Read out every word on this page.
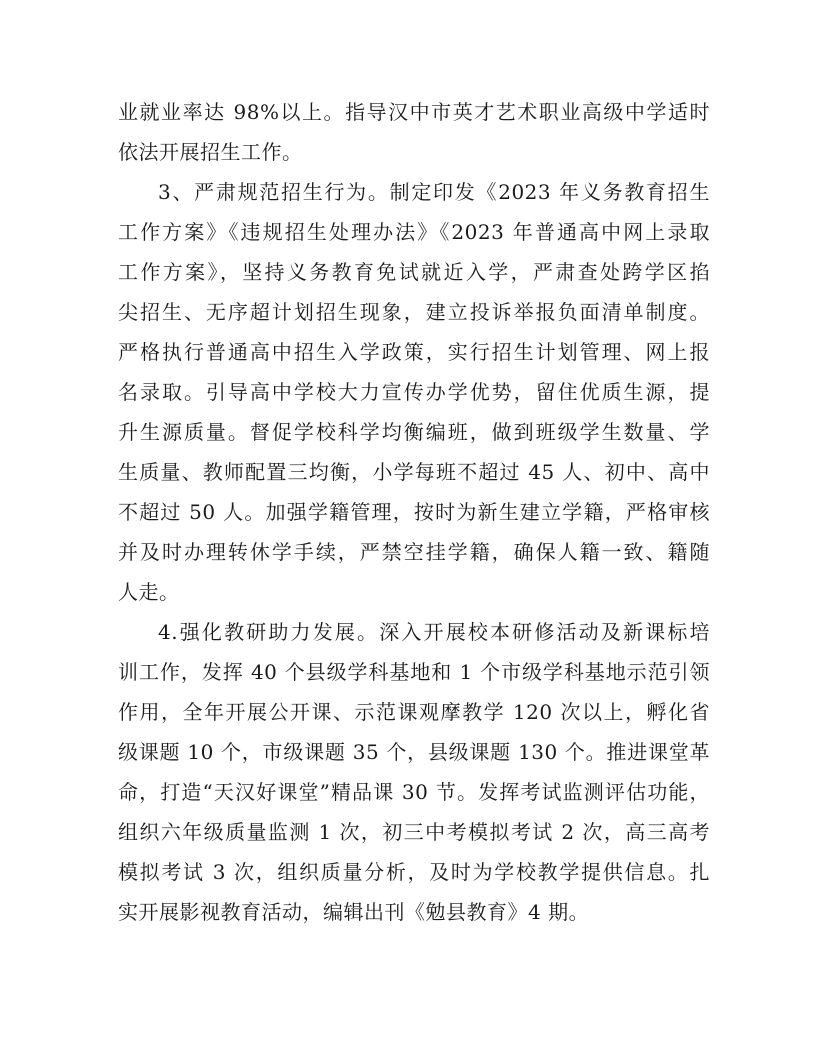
业就业率达 98%以上。指导汉中市英才艺术职业高级中学适时
依法开展招生工作。
3、严肃规范招生行为。制定印发《2023 年义务教育招生
工作方案》《违规招生处理办法》《2023 年普通高中网上录取
工作方案》，坚持义务教育免试就近入学，严肃查处跨学区掐
尖招生、无序超计划招生现象，建立投诉举报负面清单制度。
严格执行普通高中招生入学政策，实行招生计划管理、网上报
名录取。引导高中学校大力宣传办学优势，留住优质生源，提
升生源质量。督促学校科学均衡编班，做到班级学生数量、学
生质量、教师配置三均衡，小学每班不超过 45 人、初中、高中
不超过 50 人。加强学籍管理，按时为新生建立学籍，严格审核
并及时办理转休学手续，严禁空挂学籍，确保人籍一致、籍随
人走。
4.强化教研助力发展。深入开展校本研修活动及新课标培
训工作，发挥 40 个县级学科基地和 1 个市级学科基地示范引领
作用，全年开展公开课、示范课观摩教学 120 次以上，孵化省
级课题 10 个，市级课题 35 个，县级课题 130 个。推进课堂革
命，打造“天汉好课堂”精品课 30 节。发挥考试监测评估功能，
组织六年级质量监测 1 次，初三中考模拟考试 2 次，高三高考
模拟考试 3 次，组织质量分析，及时为学校教学提供信息。扎
实开展影视教育活动，编辑出刊《勉县教育》4 期。
